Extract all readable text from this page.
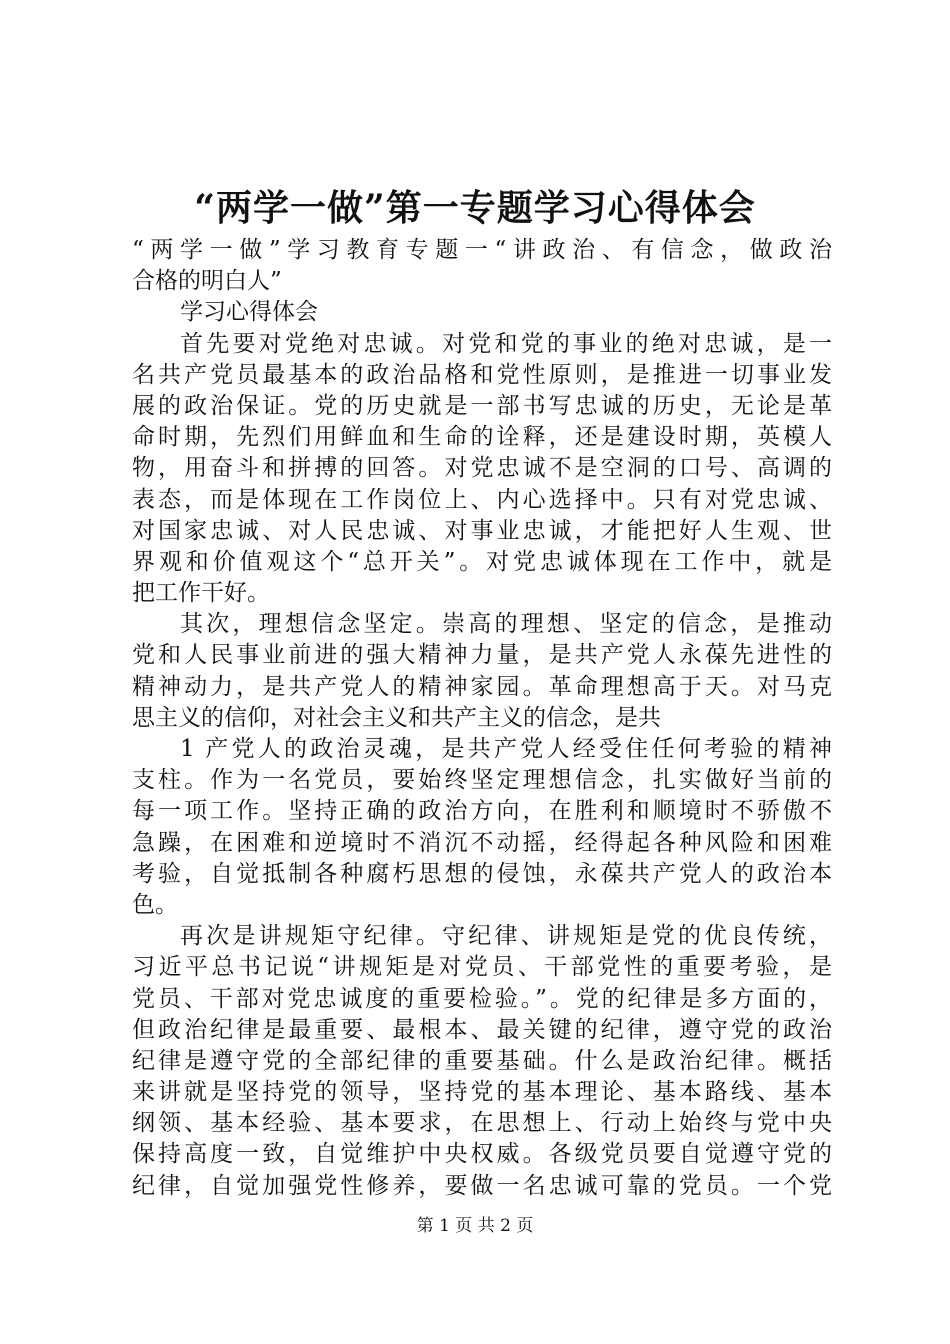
“两学一做”第一专题学习心得体会
“两学一做”学习教育专题一“讲政治、有信念，做政治
合格的明白人”
学习心得体会
首先要对党绝对忠诚。对党和党的事业的绝对忠诚，是一
名共产党员最基本的政治品格和党性原则，是推进一切事业发
展的政治保证。党的历史就是一部书写忠诚的历史，无论是革
命时期，先烈们用鲜血和生命的诠释，还是建设时期，英模人
物，用奋斗和拼搏的回答。对党忠诚不是空洞的口号、高调的
表态，而是体现在工作岗位上、内心选择中。只有对党忠诚、
对国家忠诚、对人民忠诚、对事业忠诚，才能把好人生观、世
界观和价值观这个“总开关”。对党忠诚体现在工作中，就是
把工作干好。
其次，理想信念坚定。崇高的理想、坚定的信念，是推动
党和人民事业前进的强大精神力量，是共产党人永葆先进性的
精神动力，是共产党人的精神家园。革命理想高于天。对马克
思主义的信仰，对社会主义和共产主义的信念，是共
1 产党人的政治灵魂，是共产党人经受住任何考验的精神
支柱。作为一名党员，要始终坚定理想信念，扎实做好当前的
每一项工作。坚持正确的政治方向，在胜利和顺境时不骄傲不
急躁，在困难和逆境时不消沉不动摇，经得起各种风险和困难
考验，自觉抵制各种腐朽思想的侵蚀，永葆共产党人的政治本
色。
再次是讲规矩守纪律。守纪律、讲规矩是党的优良传统，
习近平总书记说“讲规矩是对党员、干部党性的重要考验，是
党员、干部对党忠诚度的重要检验。”。党的纪律是多方面的，
但政治纪律是最重要、最根本、最关键的纪律，遵守党的政治
纪律是遵守党的全部纪律的重要基础。什么是政治纪律。概括
来讲就是坚持党的领导，坚持党的基本理论、基本路线、基本
纲领、基本经验、基本要求，在思想上、行动上始终与党中央
保持高度一致，自觉维护中央权威。各级党员要自觉遵守党的
纪律，自觉加强党性修养，要做一名忠诚可靠的党员。一个党
第 1 页 共 2 页
